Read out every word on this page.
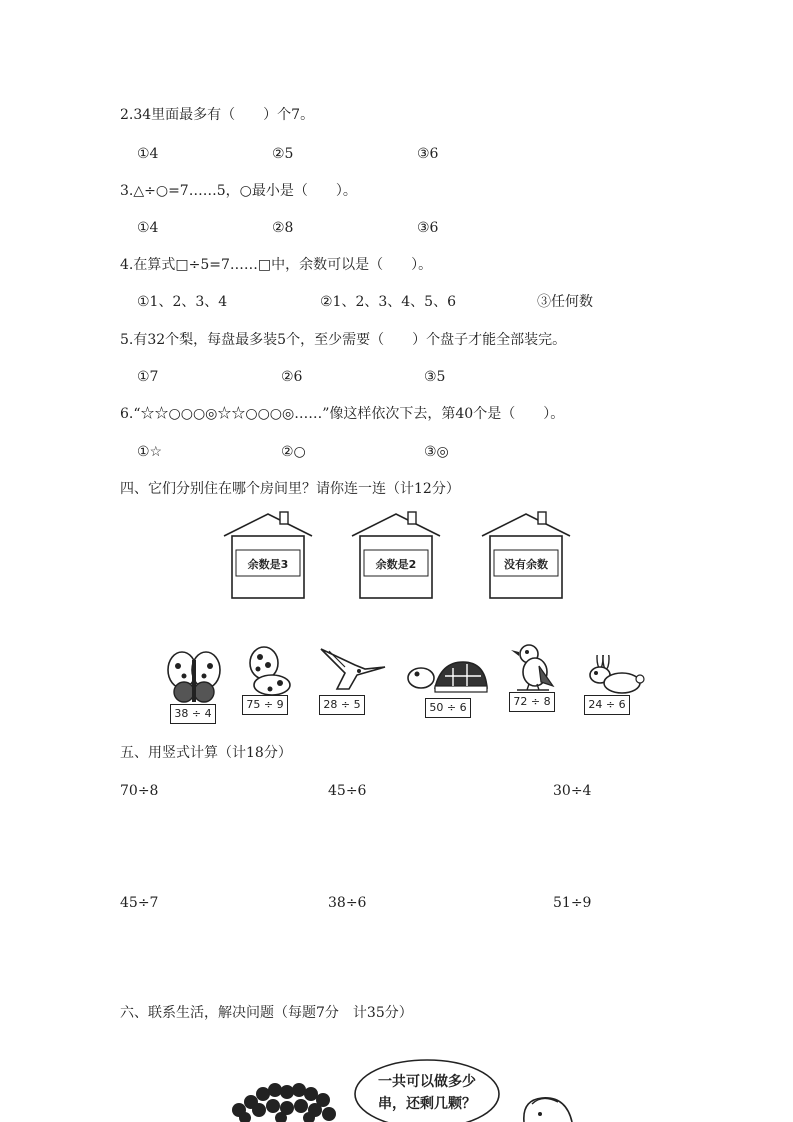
2.34里面最多有（　　）个7。
①4	②5	③6
3.△÷○=7……5，○最小是（　　）。
①4	②8	③6
4.在算式□÷5=7……□中，余数可以是（　　）。
①1、2、3、4	②1、2、3、4、5、6	③任何数
5.有32个梨，每盘最多装5个，至少需要（　　）个盘子才能全部装完。
①7	②6	③5
6.“☆☆○○○◎☆☆○○○◎……”像这样依次下去，第40个是（　　）。
①☆	②○	③◎
四、它们分别住在哪个房间里？请你连一连（计12分）
余数是3	余数是2	没有余数
38 ÷ 4
75 ÷ 9	28 ÷ 5	50 ÷ 6	72 ÷ 8	24 ÷ 6
五、用竖式计算（计18分）
70÷8	45÷6	30÷4
45÷7	38÷6	51÷9
六、联系生活，解决问题（每题7分　计35分）
一共可以做多少
串，还剩几颗？
